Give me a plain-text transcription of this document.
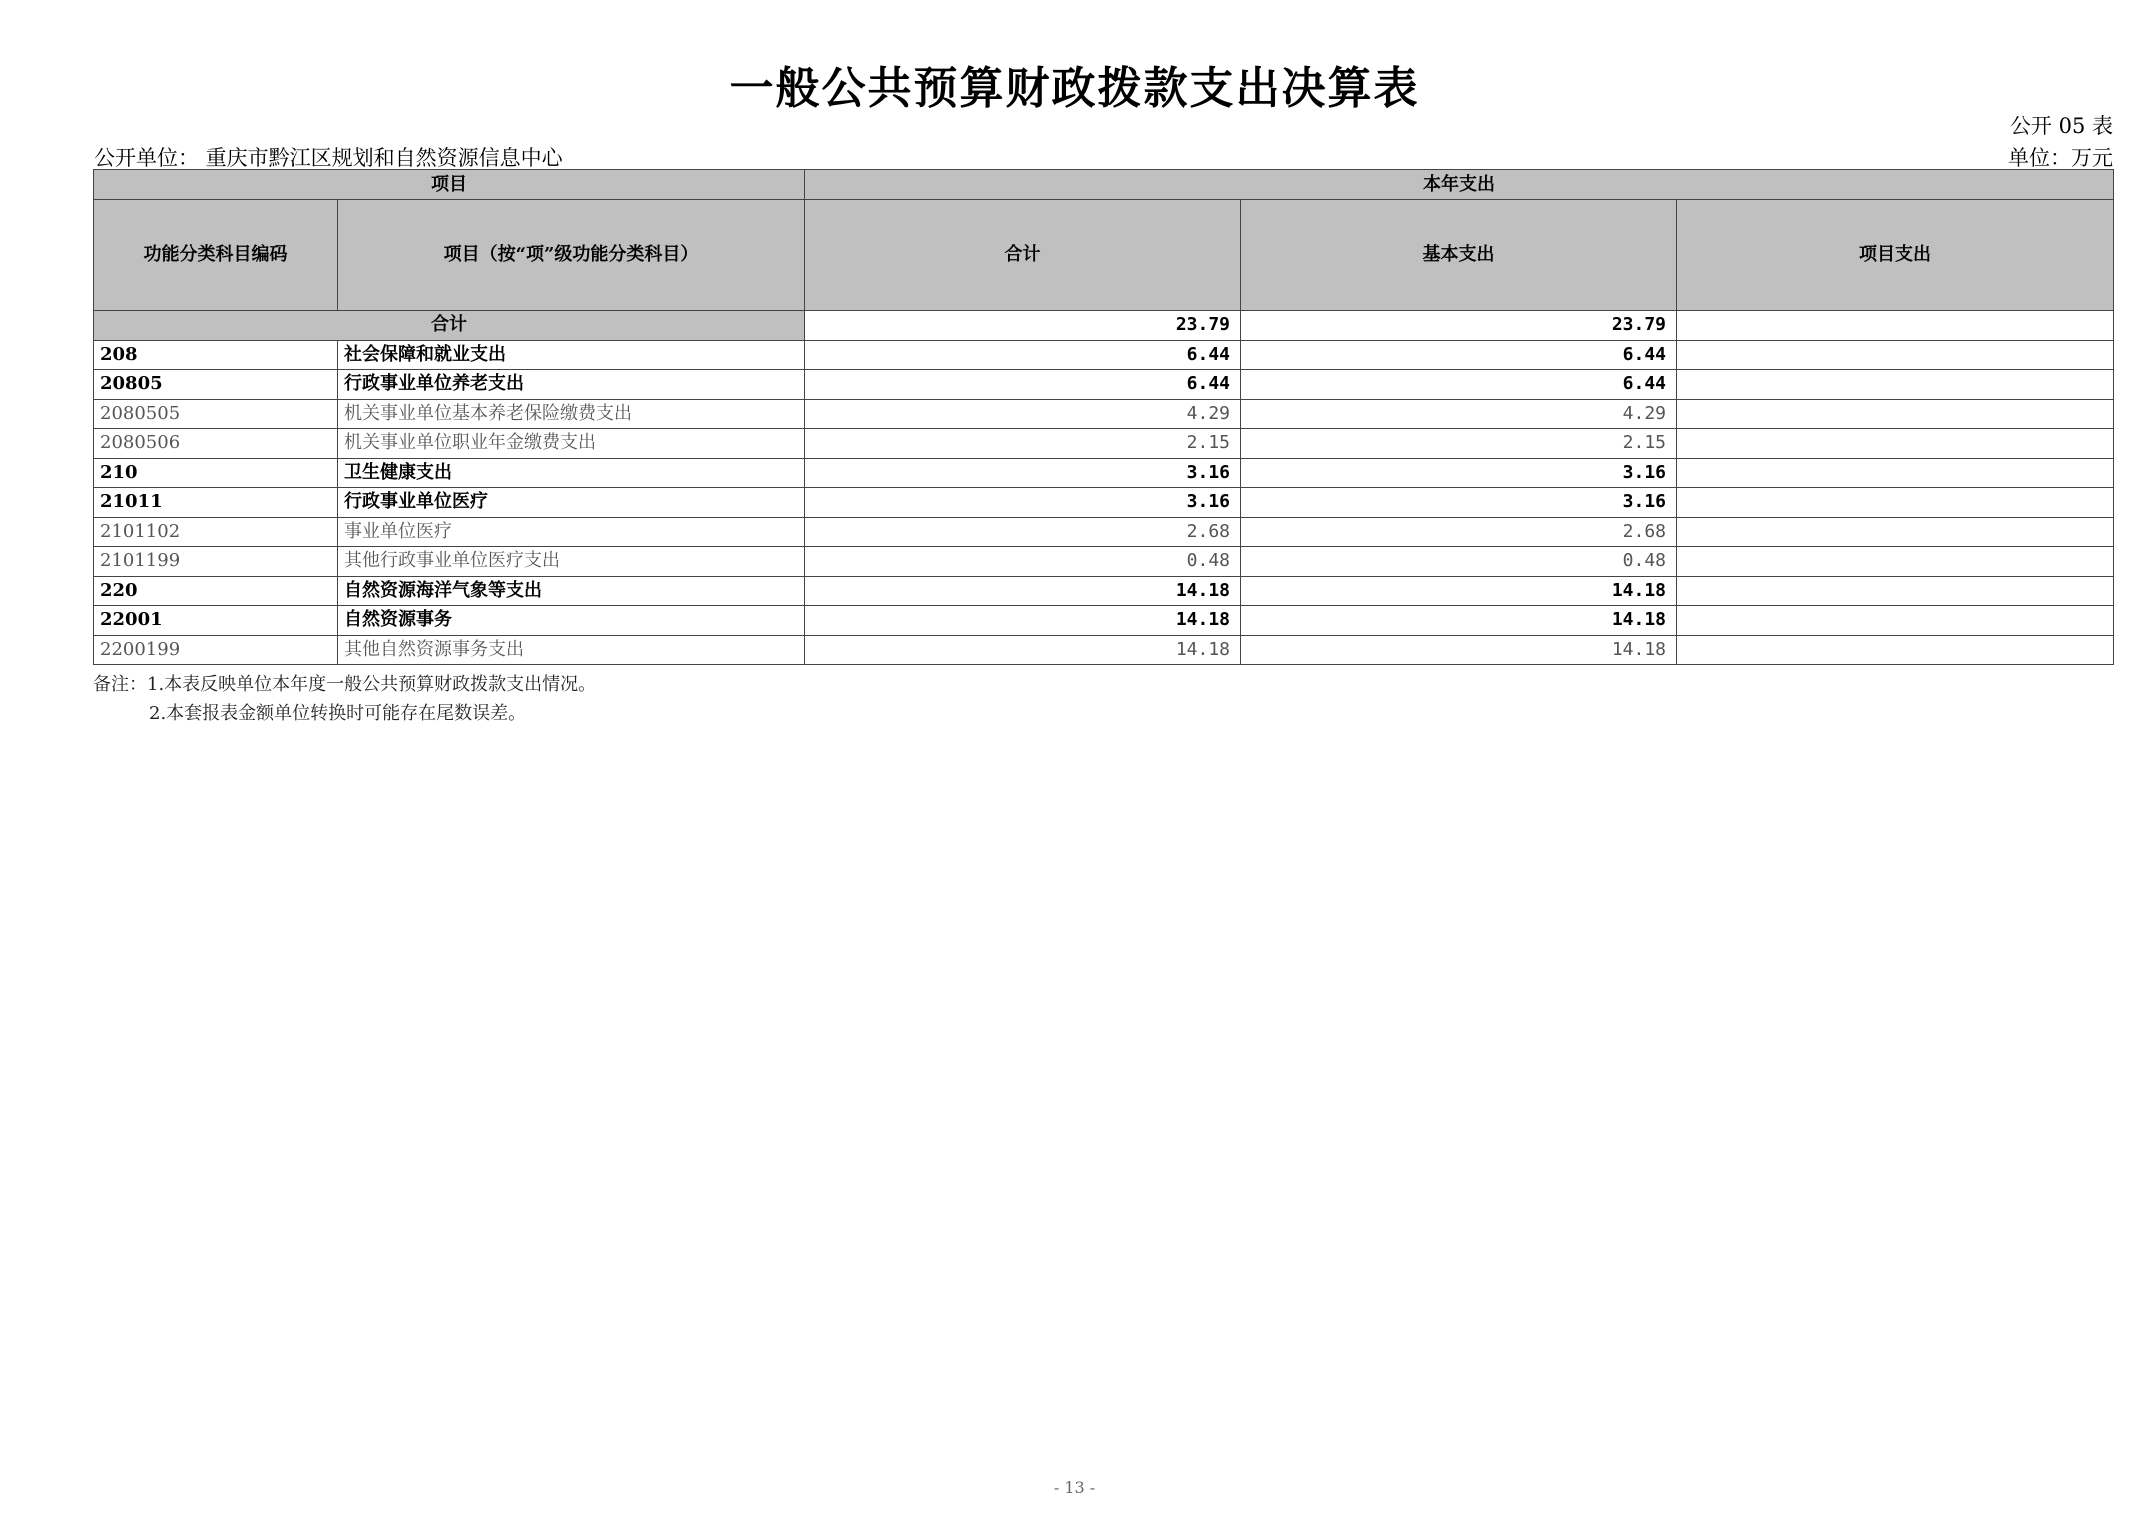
一般公共预算财政拨款支出决算表
公开 05 表
公开单位： 重庆市黔江区规划和自然资源信息中心	单位：万元
项目		本年支出		
功能分类科目编码	项目（按“项”级功能分类科目）	合计	基本支出	项目支出
合计		23.79	23.79	
208	社会保障和就业支出	6.44	6.44	
20805	行政事业单位养老支出	6.44	6.44	
2080505	机关事业单位基本养老保险缴费支出	4.29	4.29	
2080506	机关事业单位职业年金缴费支出	2.15	2.15	
210	卫生健康支出	3.16	3.16	
21011	行政事业单位医疗	3.16	3.16	
2101102	事业单位医疗	2.68	2.68	
2101199	其他行政事业单位医疗支出	0.48	0.48	
220	自然资源海洋气象等支出	14.18	14.18	
22001	自然资源事务	14.18	14.18	
2200199	其他自然资源事务支出	14.18	14.18	
备注：1.本表反映单位本年度一般公共预算财政拨款支出情况。
2.本套报表金额单位转换时可能存在尾数误差。
- 13 -
